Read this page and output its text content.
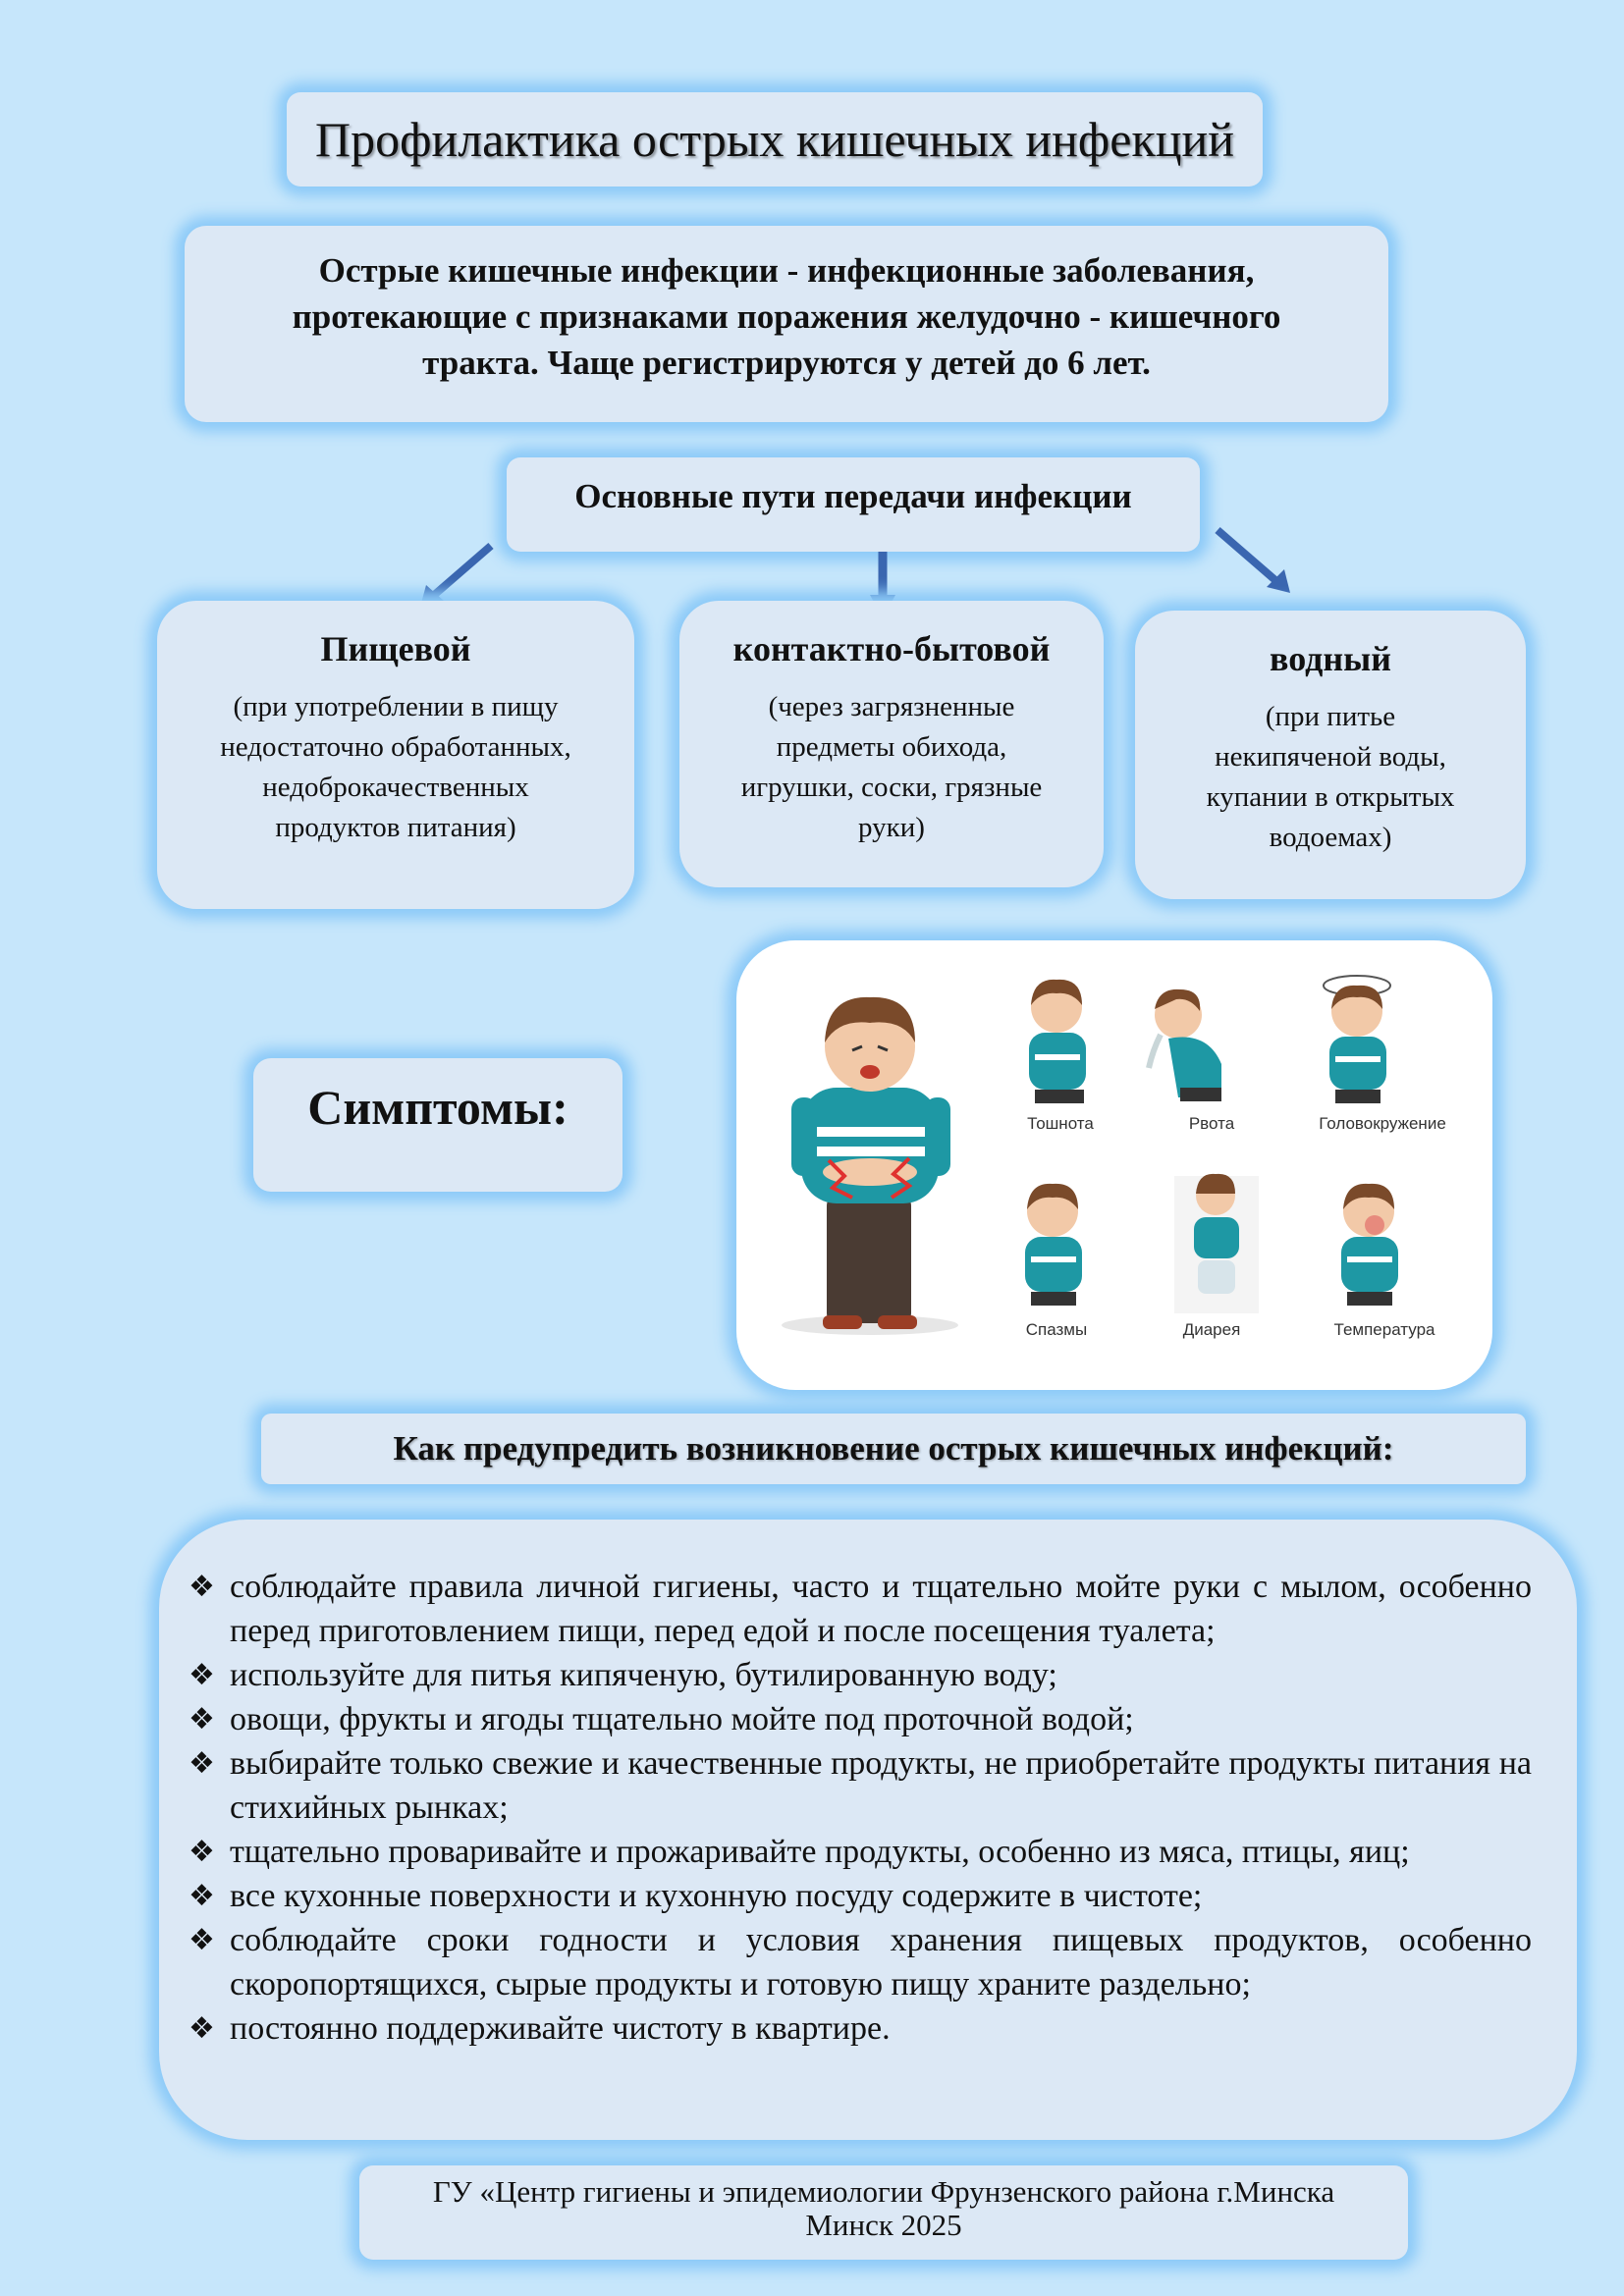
Профилактика острых кишечных инфекций

Острые кишечные инфекции - инфекционные заболевания,

протекающие с признаками поражения желудочно - кишечного

тракта. Чаще регистрируются у детей до 6 лет.

Основные пути передачи инфекции
Пищевой

(при употреблении в пищу
недостаточно обработанных,
недоброкачественных
продуктов питания)

контактно-бытовой

(через загрязненные
предметы обихода,
игрушки, соски, грязные
руки)

водный

(при питье
некипяченой воды,
купании в открытых
водоемах)

Симптомы:	Тошнота	Рвота	Головокружение
Спазмы	Диарея	Температура
Как предупредить возникновение острых кишечных инфекций:
❖ соблюдайте правила личной гигиены, часто и тщательно мойте руки с мылом, особенно перед приготовлением пищи, перед едой и после посещения туалета;
❖ используйте для питья кипяченую, бутилированную воду;
❖ овощи, фрукты и ягоды тщательно мойте под проточной водой;
❖ выбирайте только свежие и качественные продукты, не приобретайте продукты питания на стихийных рынках;
❖ тщательно проваривайте и прожаривайте продукты, особенно из мяса, птицы, яиц;
❖ все кухонные поверхности и кухонную посуду содержите в чистоте;
❖ соблюдайте сроки годности и условия хранения пищевых продуктов, особенно скоропортящихся, сырые продукты и готовую пищу храните раздельно;
❖ постоянно поддерживайте чистоту в квартире.

ГУ «Центр гигиены и эпидемиологии Фрунзенского района г.Минска

Минск 2025
